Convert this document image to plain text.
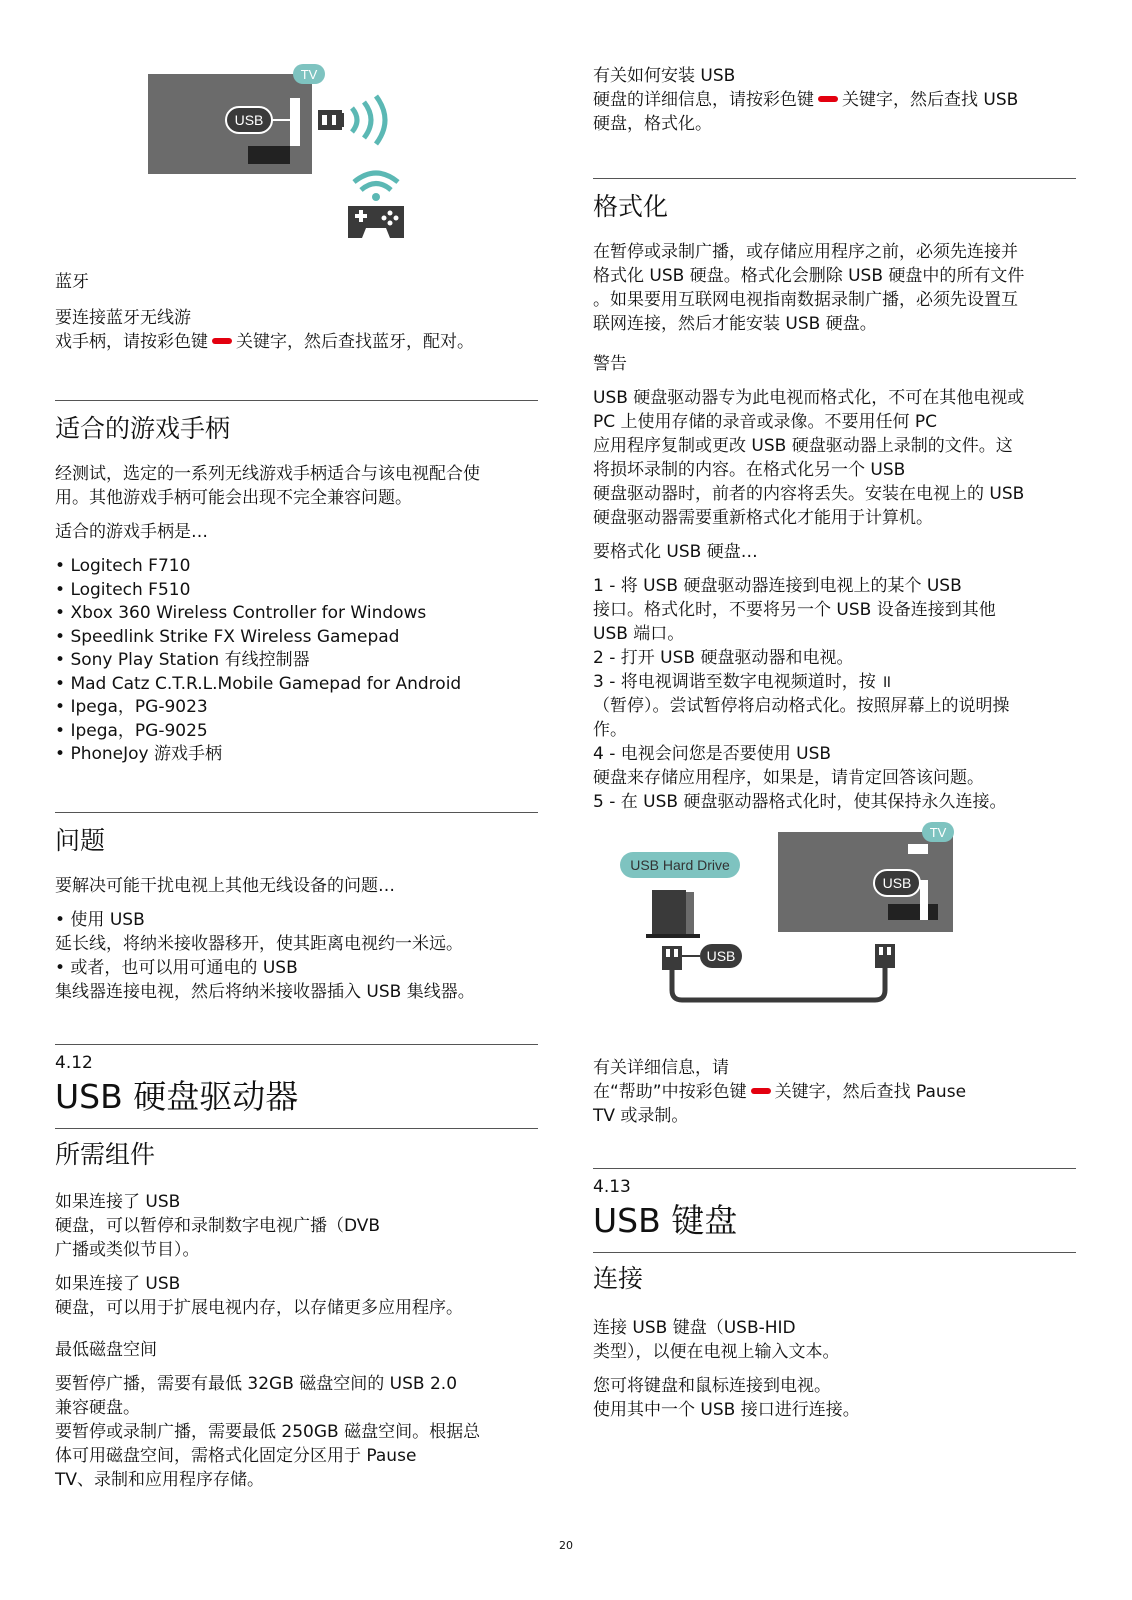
USB
TV

蓝牙

要连接蓝牙无线游

戏手柄，请按彩色键 关键字，然后查找蓝牙，配对。

适合的游戏手柄

经测试，选定的一系列无线游戏手柄适合与该电视配合使
用。其他游戏手柄可能会出现不完全兼容问题。

适合的游戏手柄是…

• Logitech F710
• Logitech F510
• Xbox 360 Wireless Controller for Windows
• Speedlink Strike FX Wireless Gamepad
• Sony Play Station 有线控制器
• Mad Catz C.T.R.L.Mobile Gamepad for Android
• Ipega，PG-9023
• Ipega，PG-9025
• PhoneJoy 游戏手柄
问题

要解决可能干扰电视上其他无线设备的问题…

• 使用 USB
延长线，将纳米接收器移开，使其距离电视约一米远。
• 或者，也可以用可通电的 USB
集线器连接电视，然后将纳米接收器插入 USB 集线器。

4.12
USB 硬盘驱动器
所需组件

如果连接了 USB
硬盘，可以暂停和录制数字电视广播（DVB
广播或类似节目）。

如果连接了 USB
硬盘，可以用于扩展电视内存，以存储更多应用程序。

最低磁盘空间

要暂停广播，需要有最低 32GB 磁盘空间的 USB 2.0
兼容硬盘。
要暂停或录制广播，需要最低 250GB 磁盘空间。根据总
体可用磁盘空间，需格式化固定分区用于 Pause
TV、录制和应用程序存储。

有关如何安装 USB

硬盘的详细信息，请按彩色键 关键字，然后查找 USB

硬盘，格式化。

格式化

在暂停或录制广播，或存储应用程序之前，必须先连接并
格式化 USB 硬盘。格式化会删除 USB 硬盘中的所有文件
。如果要用互联网电视指南数据录制广播，必须先设置互
联网连接，然后才能安装 USB 硬盘。

警告

USB 硬盘驱动器专为此电视而格式化，不可在其他电视或
PC 上使用存储的录音或录像。不要用任何 PC
应用程序复制或更改 USB 硬盘驱动器上录制的文件。这
将损坏录制的内容。在格式化另一个 USB
硬盘驱动器时，前者的内容将丢失。安装在电视上的 USB
硬盘驱动器需要重新格式化才能用于计算机。

要格式化 USB 硬盘…

1 - 将 USB 硬盘驱动器连接到电视上的某个 USB
接口。格式化时，不要将另一个 USB 设备连接到其他
USB 端口。
2 - 打开 USB 硬盘驱动器和电视。
3 - 将电视调谐至数字电视频道时，按 ॥
（暂停）。尝试暂停将启动格式化。按照屏幕上的说明操
作。
4 - 电视会问您是否要使用 USB
硬盘来存储应用程序，如果是，请肯定回答该问题。
5 - 在 USB 硬盘驱动器格式化时，使其保持永久连接。

USB
TV
USB Hard Drive
USB

有关详细信息，请

在“帮助”中按彩色键 关键字，然后查找 Pause

TV 或录制。

4.13
USB 键盘
连接

连接 USB 键盘（USB-HID
类型），以便在电视上输入文本。

您可将键盘和鼠标连接到电视。
使用其中一个 USB 接口进行连接。

20
